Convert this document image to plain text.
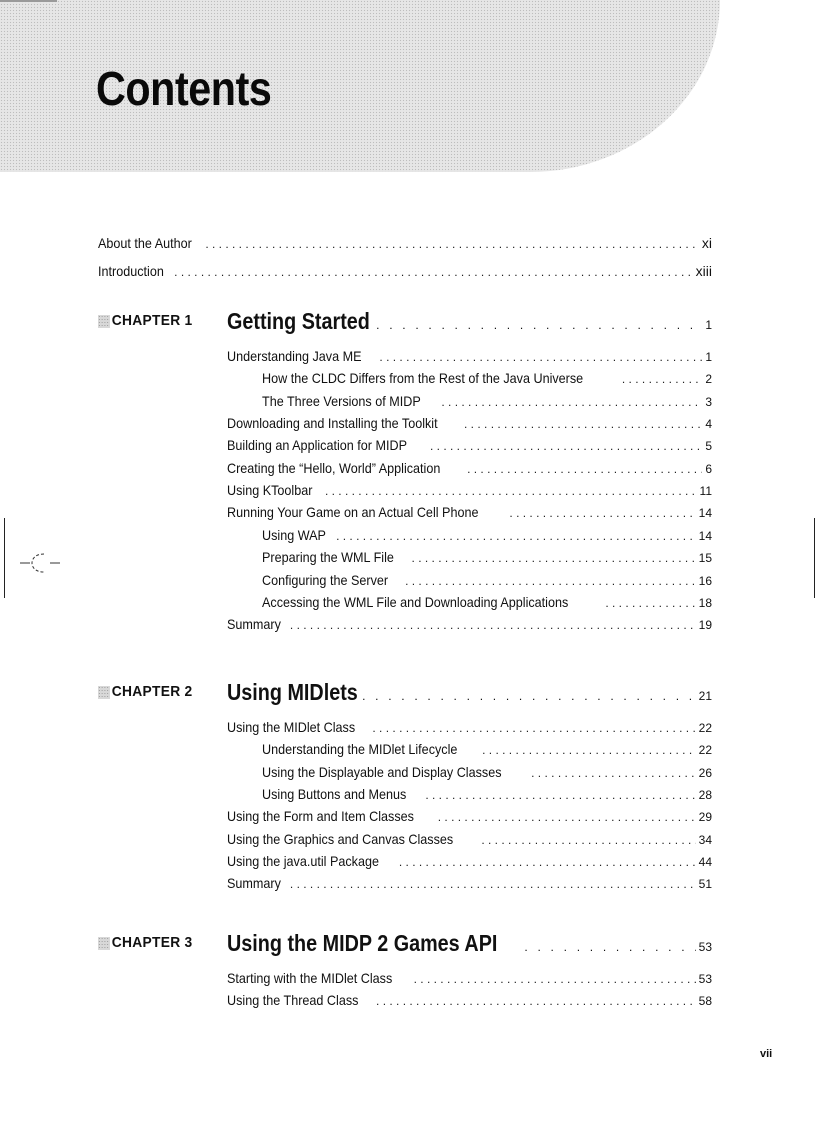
Contents
About the Author . . .	xi
Introduction . . .	xiii
CHAPTER 1 Getting Started . . .	1
Understanding Java ME . . .	1
How the CLDC Differs from the Rest of the Java Universe . . .	2
The Three Versions of MIDP . . .	3
Downloading and Installing the Toolkit . . .	4
Building an Application for MIDP . . .	5
Creating the “Hello, World” Application . . .	6
Using KToolbar . . .	11
Running Your Game on an Actual Cell Phone . . .	14
Using WAP . . .	14
Preparing the WML File . . .	15
Configuring the Server . . .	16
Accessing the WML File and Downloading Applications . . .	18
Summary . . .	19
CHAPTER 2 Using MIDlets . . .	21
Using the MIDlet Class . . .	22
Understanding the MIDlet Lifecycle . . .	22
Using the Displayable and Display Classes . . .	26
Using Buttons and Menus . . .	28
Using the Form and Item Classes . . .	29
Using the Graphics and Canvas Classes . . .	34
Using the java.util Package . . .	44
Summary . . .	51
CHAPTER 3 Using the MIDP 2 Games API . . .	53
Starting with the MIDlet Class . . .	53
Using the Thread Class . . .	58
vii
